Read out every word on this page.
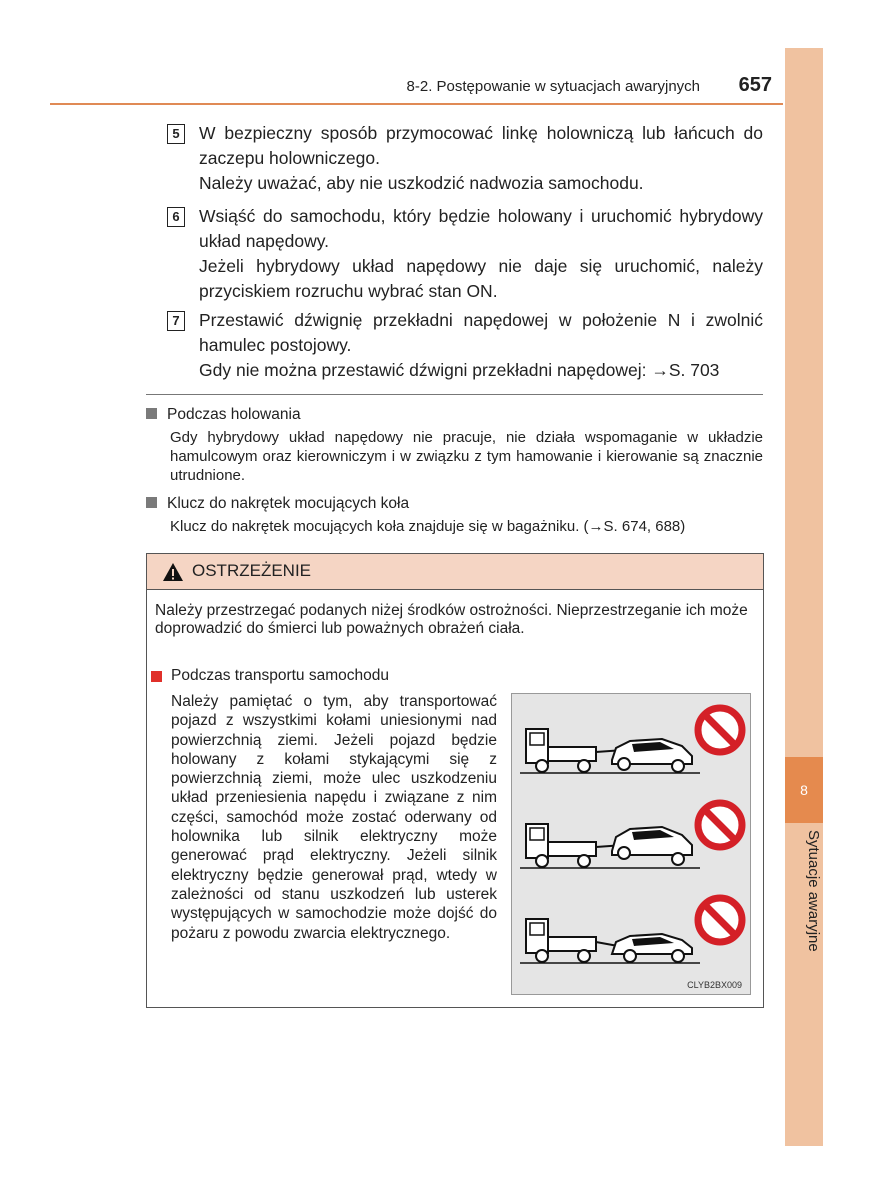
8-2. Postępowanie w sytuacjach awaryjnych	657
8
Sytuacje awaryjne
5	W bezpieczny sposób przymocować linkę holowniczą lub łańcuch do zaczepu holowniczego.
Należy uważać, aby nie uszkodzić nadwozia samochodu.
6	Wsiąść do samochodu, który będzie holowany i uruchomić hybrydowy układ napędowy.
Jeżeli hybrydowy układ napędowy nie daje się uruchomić, należy przyciskiem rozruchu wybrać stan ON.
7	Przestawić dźwignię przekładni napędowej w położenie N i zwolnić hamulec postojowy.
Gdy nie można przestawić dźwigni przekładni napędowej: →S. 703
Podczas holowania
Gdy hybrydowy układ napędowy nie pracuje, nie działa wspomaganie w układzie hamulcowym oraz kierowniczym i w związku z tym hamowanie i kierowanie są znacznie utrudnione.
Klucz do nakrętek mocujących koła
Klucz do nakrętek mocujących koła znajduje się w bagażniku. (→S. 674, 688)
OSTRZEŻENIE
Należy przestrzegać podanych niżej środków ostrożności. Nieprzestrzeganie ich może doprowadzić do śmierci lub poważnych obrażeń ciała.
Podczas transportu samochodu
Należy pamiętać o tym, aby transportować pojazd z wszystkimi kołami uniesionymi nad powierzchnią ziemi. Jeżeli pojazd będzie holowany z kołami stykającymi się z powierzchnią ziemi, może ulec uszkodzeniu układ przeniesienia napędu i związane z nim części, samochód może zostać oderwany od holownika lub silnik elektryczny może generować prąd elektryczny. Jeżeli silnik elektryczny będzie generował prąd, wtedy w zależności od stanu uszkodzeń lub usterek występujących w samochodzie może dojść do pożaru z powodu zwarcia elektrycznego.
CLYB2BX009
